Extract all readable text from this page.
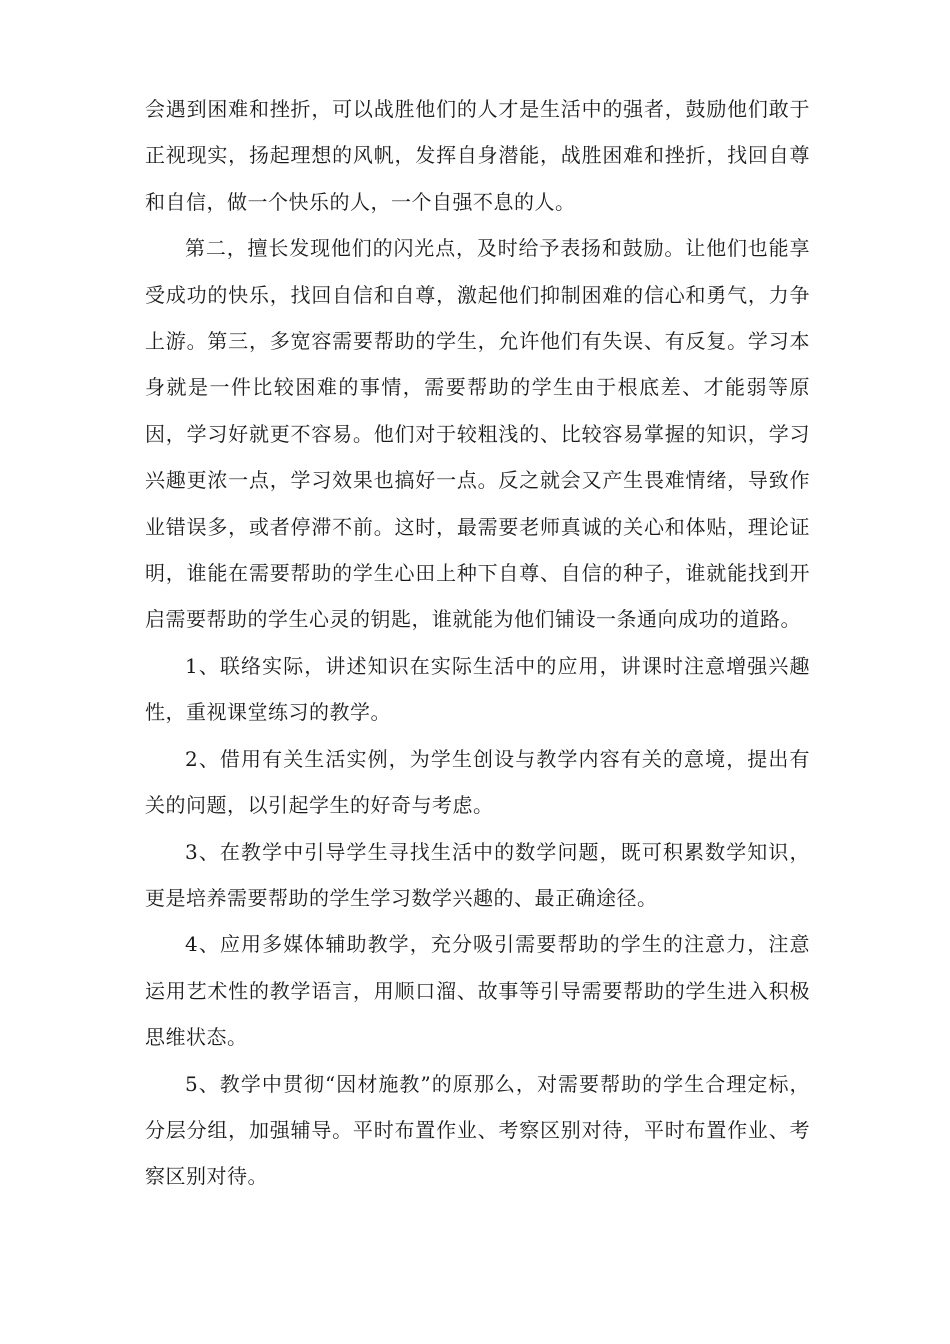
会遇到困难和挫折，可以战胜他们的人才是生活中的强者，鼓励他们敢于正视现实，扬起理想的风帆，发挥自身潜能，战胜困难和挫折，找回自尊和自信，做一个快乐的人，一个自强不息的人。

第二，擅长发现他们的闪光点，及时给予表扬和鼓励。让他们也能享受成功的快乐，找回自信和自尊，激起他们抑制困难的信心和勇气，力争上游。第三，多宽容需要帮助的学生，允许他们有失误、有反复。学习本身就是一件比较困难的事情，需要帮助的学生由于根底差、才能弱等原因，学习好就更不容易。他们对于较粗浅的、比较容易掌握的知识，学习兴趣更浓一点，学习效果也搞好一点。反之就会又产生畏难情绪，导致作业错误多，或者停滞不前。这时，最需要老师真诚的关心和体贴，理论证明，谁能在需要帮助的学生心田上种下自尊、自信的种子，谁就能找到开启需要帮助的学生心灵的钥匙，谁就能为他们铺设一条通向成功的道路。

1、联络实际，讲述知识在实际生活中的应用，讲课时注意增强兴趣性，重视课堂练习的教学。

2、借用有关生活实例，为学生创设与教学内容有关的意境，提出有关的问题，以引起学生的好奇与考虑。

3、在教学中引导学生寻找生活中的数学问题，既可积累数学知识，更是培养需要帮助的学生学习数学兴趣的、最正确途径。

4、应用多媒体辅助教学，充分吸引需要帮助的学生的注意力，注意运用艺术性的教学语言，用顺口溜、故事等引导需要帮助的学生进入积极思维状态。

5、教学中贯彻“因材施教”的原那么，对需要帮助的学生合理定标，分层分组，加强辅导。平时布置作业、考察区别对待，平时布置作业、考察区别对待。
